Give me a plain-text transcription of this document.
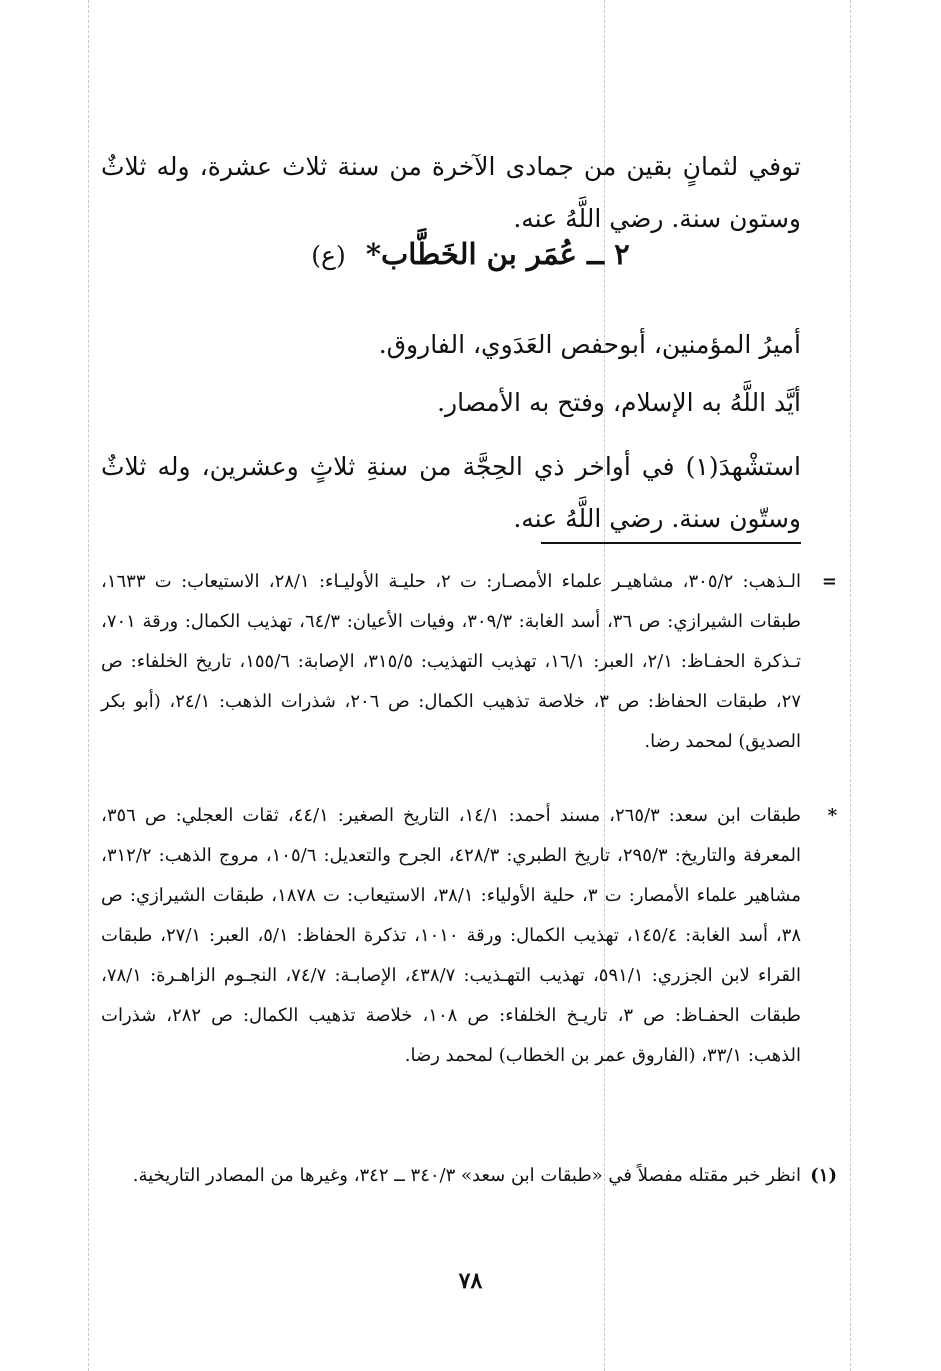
توفي لثمانٍ بقين من جمادى الآخرة من سنة ثلاث عشرة، وله ثلاثٌ وستون سنة. رضي اللَّهُ عنه.

٢ ــ عُمَر بن الخَطَّاب* (ع)

أميرُ المؤمنين، أبوحفص العَدَوي، الفاروق.

أيَّد اللَّهُ به الإسلام، وفتح به الأمصار.

استشْهدَ(١) في أواخر ذي الحِجَّة من سنةِ ثلاثٍ وعشرين، وله ثلاثٌ وستّون سنة. رضي اللَّهُ عنه.

=
الـذهب: ٣٠٥/٢، مشاهيـر علماء الأمصـار: ت ٢، حليـة الأوليـاء: ٢٨/١، الاستيعاب: ت ١٦٣٣، طبقات الشيرازي: ص ٣٦، أسد الغابة: ٣٠٩/٣، وفيات الأعيان: ٦٤/٣، تهذيب الكمال: ورقة ٧٠١، تـذكرة الحفـاظ: ٢/١، العبر: ١٦/١، تهذيب التهذيب: ٣١٥/٥، الإصابة: ١٥٥/٦، تاريخ الخلفاء: ص ٢٧، طبقات الحفاظ: ص ٣، خلاصة تذهيب الكمال: ص ٢٠٦، شذرات الذهب: ٢٤/١، (أبو بكر الصديق) لمحمد رضا.
*
طبقات ابن سعد: ٢٦٥/٣، مسند أحمد: ١٤/١، التاريخ الصغير: ٤٤/١، ثقات العجلي: ص ٣٥٦، المعرفة والتاريخ: ٢٩٥/٣، تاريخ الطبري: ٤٢٨/٣، الجرح والتعديل: ١٠٥/٦، مروج الذهب: ٣١٢/٢، مشاهير علماء الأمصار: ت ٣، حلية الأولياء: ٣٨/١، الاستيعاب: ت ١٨٧٨، طبقات الشيرازي: ص ٣٨، أسد الغابة: ١٤٥/٤، تهذيب الكمال: ورقة ١٠١٠، تذكرة الحفاظ: ٥/١، العبر: ٢٧/١، طبقات القراء لابن الجزري: ٥٩١/١، تهذيب التهـذيب: ٤٣٨/٧، الإصابـة: ٧٤/٧، النجـوم الزاهـرة: ٧٨/١، طبقات الحفـاظ: ص ٣، تاريـخ الخلفاء: ص ١٠٨، خلاصة تذهيب الكمال: ص ٢٨٢، شذرات الذهب: ٣٣/١، (الفاروق عمر بن الخطاب) لمحمد رضا.
(١)
انظر خبر مقتله مفصلاً في «طبقات ابن سعد» ٣٤٠/٣ ــ ٣٤٢، وغيرها من المصادر التاريخية.
٧٨
